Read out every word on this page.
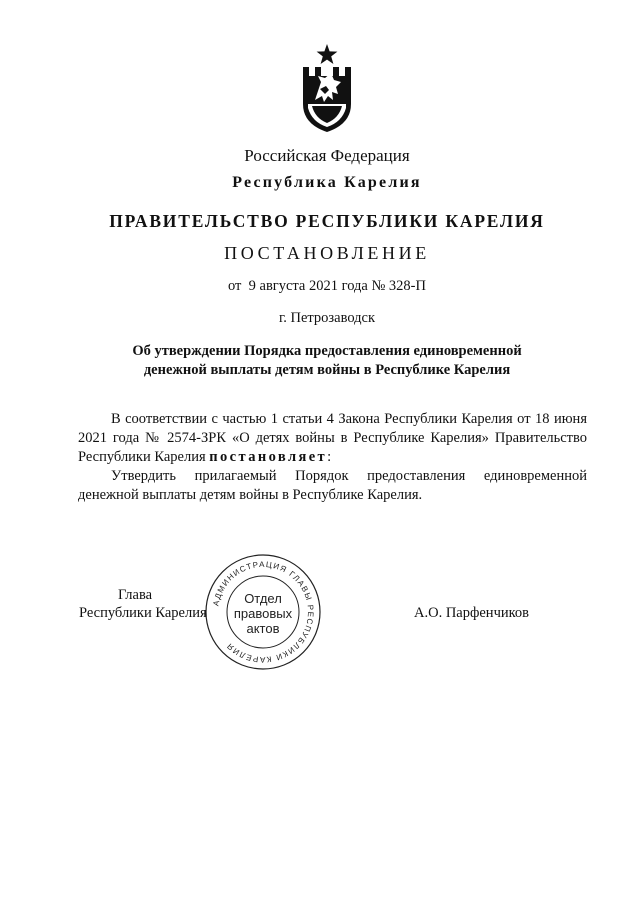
Российская Федерация
Республика Карелия
ПРАВИТЕЛЬСТВО РЕСПУБЛИКИ КАРЕЛИЯ
ПОСТАНОВЛЕНИЕ
от  9 августа 2021 года № 328-П
г. Петрозаводск
Об утверждении Порядка предоставления единовременной
денежной выплаты детям войны в Республике Карелия
В соответствии с частью 1 статьи 4 Закона Республики Карелия от 18 июня 2021 года № 2574-ЗРК «О детях войны в Республике Карелия» Правительство Республики Карелия постановляет:
Утвердить прилагаемый Порядок предоставления единовременной денежной выплаты детям войны в Республике Карелия.
Глава
Республики Карелия	А.О. Парфенчиков
АДМИНИСТРАЦИЯ ГЛАВЫ РЕСПУБЛИКИ КАРЕЛИЯ
Отдел
правовых
актов
